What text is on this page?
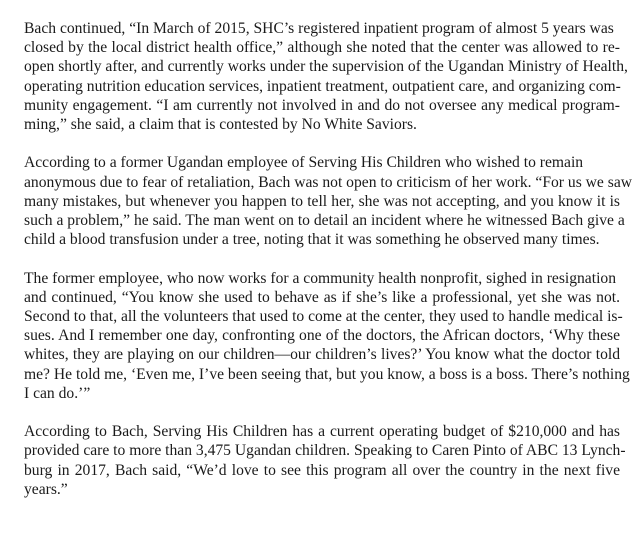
Bach continued, “In March of 2015, SHC’s registered inpatient program of almost 5 years was
closed by the local district health office,” although she noted that the center was allowed to re-
open shortly after, and currently works under the supervision of the Ugandan Ministry of Health,
operating nutrition education services, inpatient treatment, outpatient care, and organizing com-
munity engagement. “I am currently not involved in and do not oversee any medical program-
ming,” she said, a claim that is contested by No White Saviors.
According to a former Ugandan employee of Serving His Children who wished to remain
anonymous due to fear of retaliation, Bach was not open to criticism of her work. “For us we saw
many mistakes, but whenever you happen to tell her, she was not accepting, and you know it is
such a problem,” he said. The man went on to detail an incident where he witnessed Bach give a
child a blood transfusion under a tree, noting that it was something he observed many times.
The former employee, who now works for a community health nonprofit, sighed in resignation
and continued, “You know she used to behave as if she’s like a professional, yet she was not.
Second to that, all the volunteers that used to come at the center, they used to handle medical is-
sues. And I remember one day, confronting one of the doctors, the African doctors, ‘Why these
whites, they are playing on our children—our children’s lives?’ You know what the doctor told
me? He told me, ‘Even me, I’ve been seeing that, but you know, a boss is a boss. There’s nothing
I can do.’”
According to Bach, Serving His Children has a current operating budget of $210,000 and has
provided care to more than 3,475 Ugandan children. Speaking to Caren Pinto of ABC 13 Lynch-
burg in 2017, Bach said, “We’d love to see this program all over the country in the next five
years.”
